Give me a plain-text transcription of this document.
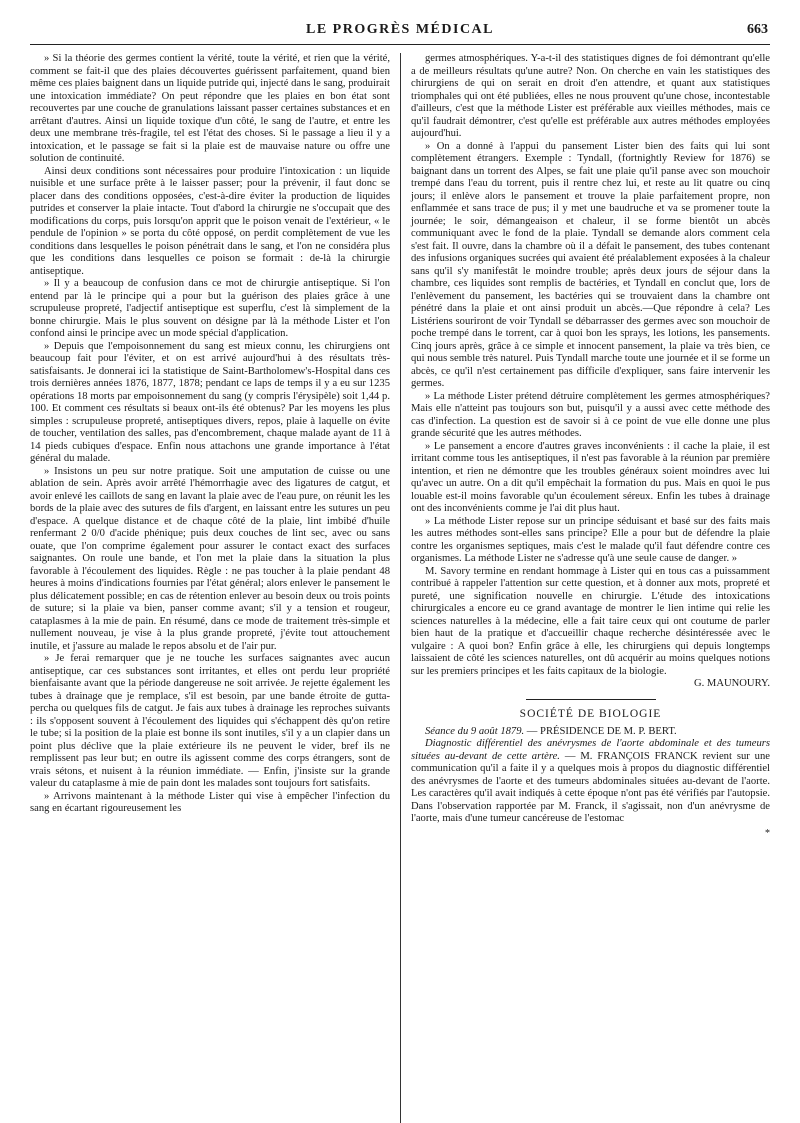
LE PROGRÈS MÉDICAL	663

» Si la théorie des germes contient la vérité, toute la vérité, et rien que la vérité, comment se fait-il que des plaies découvertes guérissent parfaitement, quand bien même ces plaies baignent dans un liquide putride qui, injecté dans le sang, produirait une intoxication immédiate? On peut répondre que les plaies en bon état sont recouvertes par une couche de granulations laissant passer certaines substances et en arrêtant d'autres. Ainsi un liquide toxique d'un côté, le sang de l'autre, et entre les deux une membrane très-fragile, tel est l'état des choses. Si le passage a lieu il y a intoxication, et le passage se fait si la plaie est de mauvaise nature ou offre une solution de continuité.

Ainsi deux conditions sont nécessaires pour produire l'intoxication : un liquide nuisible et une surface prête à le laisser passer; pour la prévenir, il faut donc se placer dans des conditions opposées, c'est-à-dire éviter la production de liquides putrides et conserver la plaie intacte. Tout d'abord la chirurgie ne s'occupait que des modifications du corps, puis lorsqu'on apprit que le poison venait de l'extérieur, « le pendule de l'opinion » se porta du côté opposé, on perdit complètement de vue les conditions dans lesquelles le poison pénétrait dans le sang, et l'on ne considéra plus que les conditions dans lesquelles ce poison se formait : de-là la chirurgie antiseptique.

» Il y a beaucoup de confusion dans ce mot de chirurgie antiseptique. Si l'on entend par là le principe qui a pour but la guérison des plaies grâce à une scrupuleuse propreté, l'adjectif antiseptique est superflu, c'est là simplement de la bonne chirurgie. Mais le plus souvent on désigne par là la méthode Lister et l'on confond ainsi le principe avec un mode spécial d'application.

» Depuis que l'empoisonnement du sang est mieux connu, les chirurgiens ont beaucoup fait pour l'éviter, et on est arrivé aujourd'hui à des résultats très-satisfaisants. Je donnerai ici la statistique de Saint-Bartholomew's-Hospital dans ces trois dernières années 1876, 1877, 1878; pendant ce laps de temps il y a eu sur 1235 opérations 18 morts par empoisonnement du sang (y compris l'érysipèle) soit 1,44 p. 100. Et comment ces résultats si beaux ont-ils été obtenus? Par les moyens les plus simples : scrupuleuse propreté, antiseptiques divers, repos, plaie à laquelle on évite de toucher, ventilation des salles, pas d'encombrement, chaque malade ayant de 11 à 14 pieds cubiques d'espace. Enfin nous attachons une grande importance à l'état général du malade.

» Insistons un peu sur notre pratique. Soit une amputation de cuisse ou une ablation de sein. Après avoir arrêté l'hémorrhagie avec des ligatures de catgut, et avoir enlevé les caillots de sang en lavant la plaie avec de l'eau pure, on réunit les les bords de la plaie avec des sutures de fils d'argent, en laissant entre les sutures un peu d'espace. A quelque distance et de chaque côté de la plaie, lint imbibé d'huile renfermant 2 0/0 d'acide phénique; puis deux couches de lint sec, avec ou sans ouate, que l'on comprime également pour assurer le contact exact des surfaces saignantes. On roule une bande, et l'on met la plaie dans la situation la plus favorable à l'écoulement des liquides. Règle : ne pas toucher à la plaie pendant 48 heures à moins d'indications fournies par l'état général; alors enlever le pansement le plus délicatement possible; en cas de rétention enlever au besoin deux ou trois points de suture; si la plaie va bien, panser comme avant; s'il y a tension et rougeur, cataplasmes à la mie de pain. En résumé, dans ce mode de traitement très-simple et nullement nouveau, je vise à la plus grande propreté, j'évite tout attouchement inutile, et j'assure au malade le repos absolu et de l'air pur.

» Je ferai remarquer que je ne touche les surfaces saignantes avec aucun antiseptique, car ces substances sont irritantes, et elles ont perdu leur propriété bienfaisante avant que la période dangereuse ne soit arrivée. Je rejette également les tubes à drainage que je remplace, s'il est besoin, par une bande étroite de gutta-percha ou quelques fils de catgut. Je fais aux tubes à drainage les reproches suivants : ils s'opposent souvent à l'écoulement des liquides qui s'échappent dès qu'on retire le tube; si la position de la plaie est bonne ils sont inutiles, s'il y a un clapier dans un point plus déclive que la plaie extérieure ils ne peuvent le vider, bref ils ne remplissent pas leur but; en outre ils agissent comme des corps étrangers, sont de vrais sétons, et nuisent à la réunion immédiate. — Enfin, j'insiste sur la grande valeur du cataplasme à mie de pain dont les malades sont toujours fort satisfaits.

» Arrivons maintenant à la méthode Lister qui vise à empêcher l'infection du sang en écartant rigoureusement les

germes atmosphériques. Y-a-t-il des statistiques dignes de foi démontrant qu'elle a de meilleurs résultats qu'une autre? Non. On cherche en vain les statistiques des chirurgiens de qui on serait en droit d'en attendre, et quant aux statistiques triomphales qui ont été publiées, elles ne nous prouvent qu'une chose, incontestable d'ailleurs, c'est que la méthode Lister est préférable aux vieilles méthodes, mais ce qu'il faudrait démontrer, c'est qu'elle est préférable aux autres méthodes employées aujourd'hui.

» On a donné à l'appui du pansement Lister bien des faits qui lui sont complètement étrangers. Exemple : Tyndall, (fortnightly Review for 1876) se baignant dans un torrent des Alpes, se fait une plaie qu'il panse avec son mouchoir trempé dans l'eau du torrent, puis il rentre chez lui, et reste au lit quatre ou cinq jours; il enlève alors le pansement et trouve la plaie parfaitement propre, non enflammée et sans trace de pus; il y met une baudruche et va se promener toute la journée; le soir, démangeaison et chaleur, il se forme bientôt un abcès communiquant avec le fond de la plaie. Tyndall se demande alors comment cela s'est fait. Il ouvre, dans la chambre où il a défait le pansement, des tubes contenant des infusions organiques sucrées qui avaient été préalablement exposées à la chaleur sans qu'il s'y manifestât le moindre trouble; après deux jours de séjour dans la chambre, ces liquides sont remplis de bactéries, et Tyndall en conclut que, lors de l'enlèvement du pansement, les bactéries qui se trouvaient dans la chambre ont pénétré dans la plaie et ont ainsi produit un abcès.—Que répondre à cela? Les Listériens souriront de voir Tyndall se débarrasser des germes avec son mouchoir de poche trempé dans le torrent, car à quoi bon les sprays, les lotions, les pansements. Cinq jours après, grâce à ce simple et innocent pansement, la plaie va très bien, ce qui nous semble très naturel. Puis Tyndall marche toute une journée et il se forme un abcès, ce qu'il n'est certainement pas difficile d'expliquer, sans faire intervenir les germes.

» La méthode Lister prétend détruire complètement les germes atmosphériques? Mais elle n'atteint pas toujours son but, puisqu'il y a aussi avec cette méthode des cas d'infection. La question est de savoir si à ce point de vue elle donne une plus grande sécurité que les autres méthodes.

» Le pansement a encore d'autres graves inconvénients : il cache la plaie, il est irritant comme tous les antiseptiques, il n'est pas favorable à la réunion par première intention, et rien ne démontre que les troubles généraux soient moindres avec lui qu'avec un autre. On a dit qu'il empêchait la formation du pus. Mais en quoi le pus louable est-il moins favorable qu'un écoulement séreux. Enfin les tubes à drainage ont des inconvénients comme je l'ai dit plus haut.

» La méthode Lister repose sur un principe séduisant et basé sur des faits mais les autres méthodes sont-elles sans principe? Elle a pour but de défendre la plaie contre les organismes septiques, mais c'est le malade qu'il faut défendre contre ces organismes. La méthode Lister ne s'adresse qu'à une seule cause de danger. »

M. Savory termine en rendant hommage à Lister qui en tous cas a puissamment contribué à rappeler l'attention sur cette question, et à donner aux mots, propreté et pureté, une signification nouvelle en chirurgie. L'étude des intoxications chirurgicales a encore eu ce grand avantage de montrer le lien intime qui relie les sciences naturelles à la médecine, elle a fait taire ceux qui ont coutume de parler bien haut de la pratique et d'accueillir chaque recherche désintéressée avec le vulgaire : A quoi bon? Enfin grâce à elle, les chirurgiens qui depuis longtemps laissaient de côté les sciences naturelles, ont dû acquérir au moins quelques notions sur les premiers principes et les faits capitaux de la biologie.

G. MAUNOURY.

SOCIÉTÉ DE BIOLOGIE

Séance du 9 août 1879. — PRÉSIDENCE DE M. P. BERT.

Diagnostic différentiel des anévrysmes de l'aorte abdominale et des tumeurs situées au-devant de cette artère. — M. FRANÇOIS FRANCK revient sur une communication qu'il a faite il y a quelques mois à propos du diagnostic différentiel des anévrysmes de l'aorte et des tumeurs abdominales situées au-devant de l'aorte. Les caractères qu'il avait indiqués à cette époque n'ont pas été vérifiés par l'autopsie. Dans l'observation rapportée par M. Franck, il s'agissait, non d'un anévrysme de l'aorte, mais d'une tumeur cancéreuse de l'estomac

*
